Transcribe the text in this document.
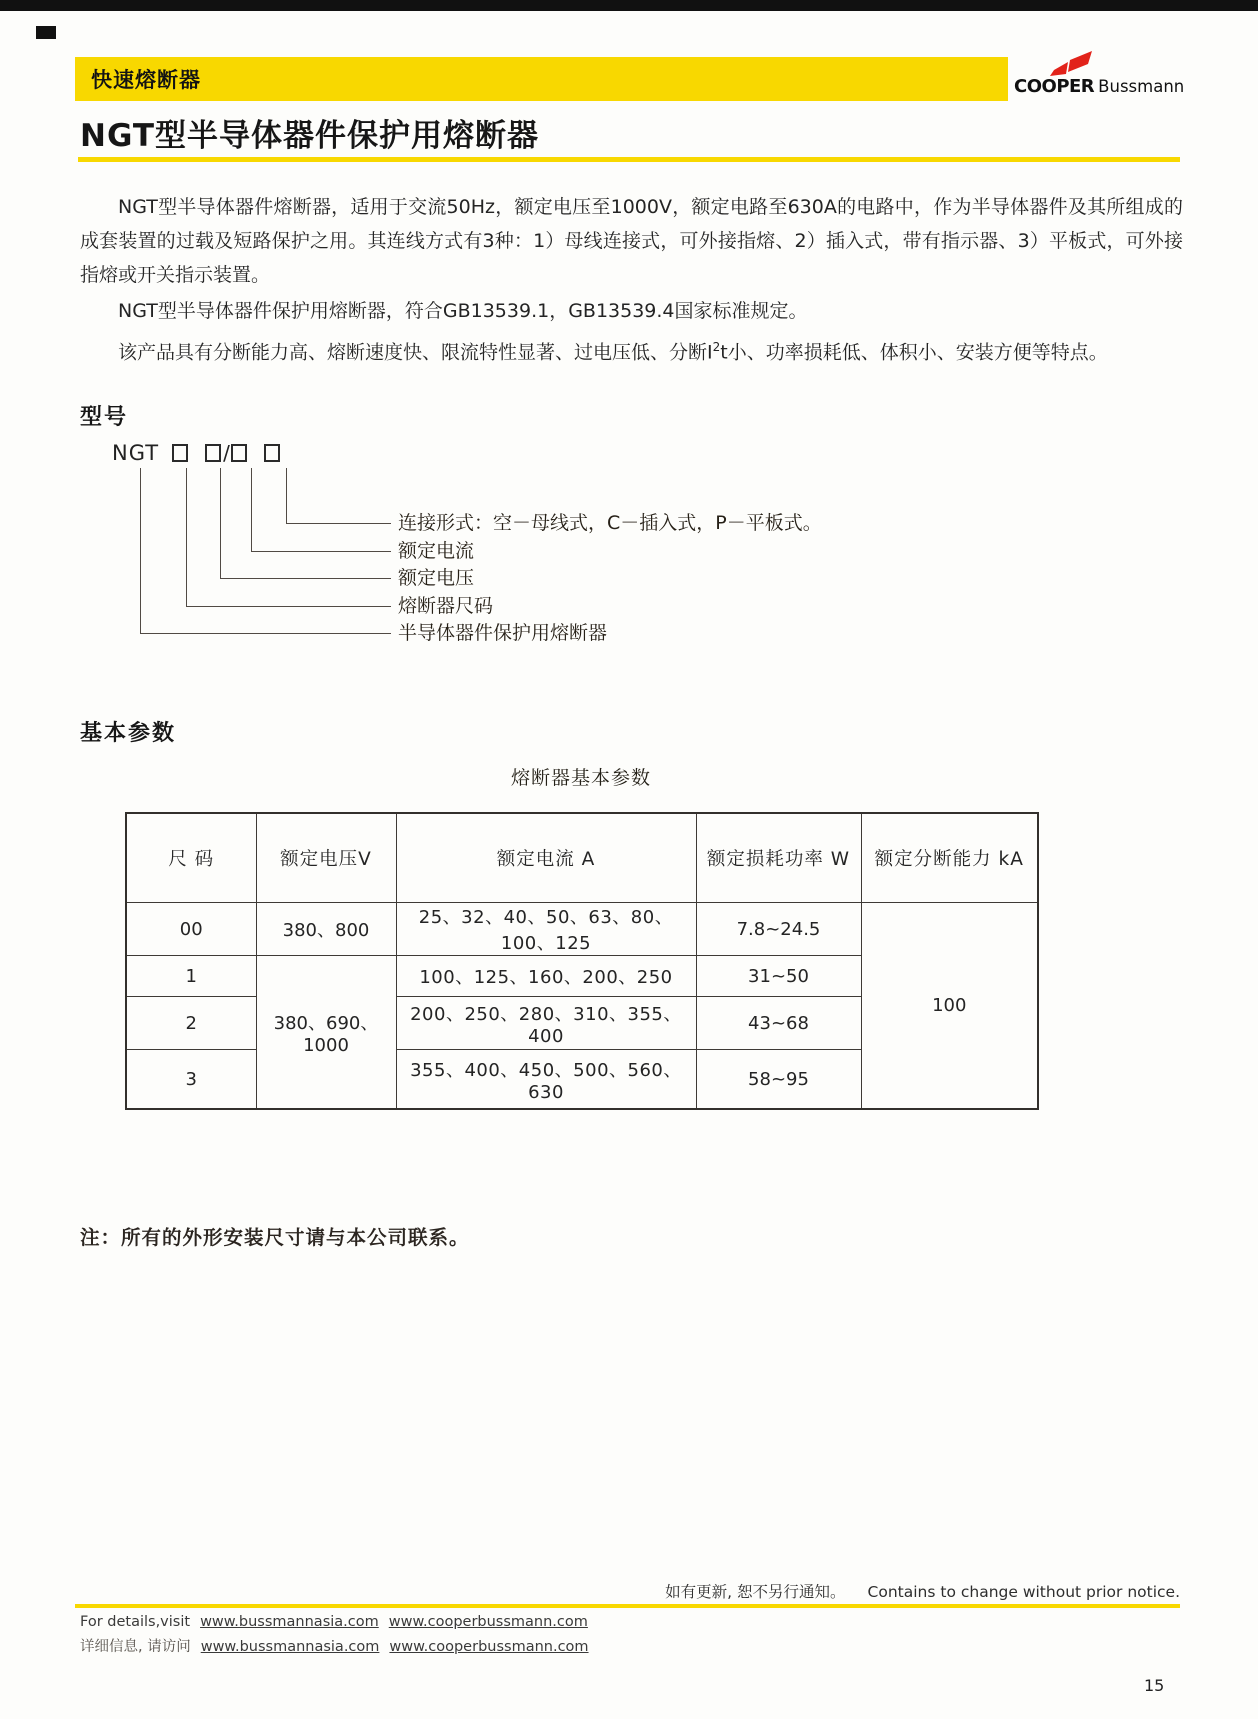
快速熔断器	COOPER Bussmann
NGT型半导体器件保护用熔断器

NGT型半导体器件熔断器，适用于交流50Hz，额定电压至1000V，额定电路至630A的电路中，作为半导体器件及其所组成的成套装置的过载及短路保护之用。其连线方式有3种：1）母线连接式，可外接指熔、2）插入式，带有指示器、3）平板式，可外接指熔或开关指示装置。

NGT型半导体器件保护用熔断器，符合GB13539.1，GB13539.4国家标准规定。

该产品具有分断能力高、熔断速度快、限流特性显著、过电压低、分断$I^2t$小、功率损耗低、体积小、安装方便等特点。

型号
NGT	/
连接形式：空－母线式，C－插入式，P－平板式。
额定电流
额定电压
熔断器尺码
半导体器件保护用熔断器
基本参数
熔断器基本参数
尺 码	额定电压V	额定电流 A	额定损耗功率 W	额定分断能力 kA
00	380、800	25、32、40、50、63、80、100、125	7.8~24.5	100
1	380、690、1000	100、125、160、200、250	31~50	
2		200、250、280、310、355、400	43~68	
3		355、400、450、500、560、630	58~95	
注：所有的外形安装尺寸请与本公司联系。
如有更新, 恕不另行通知。 Contains to change without prior notice.
For details,visit www.bussmannasia.com www.cooperbussmann.com
详细信息, 请访问 www.bussmannasia.com www.cooperbussmann.com
15
